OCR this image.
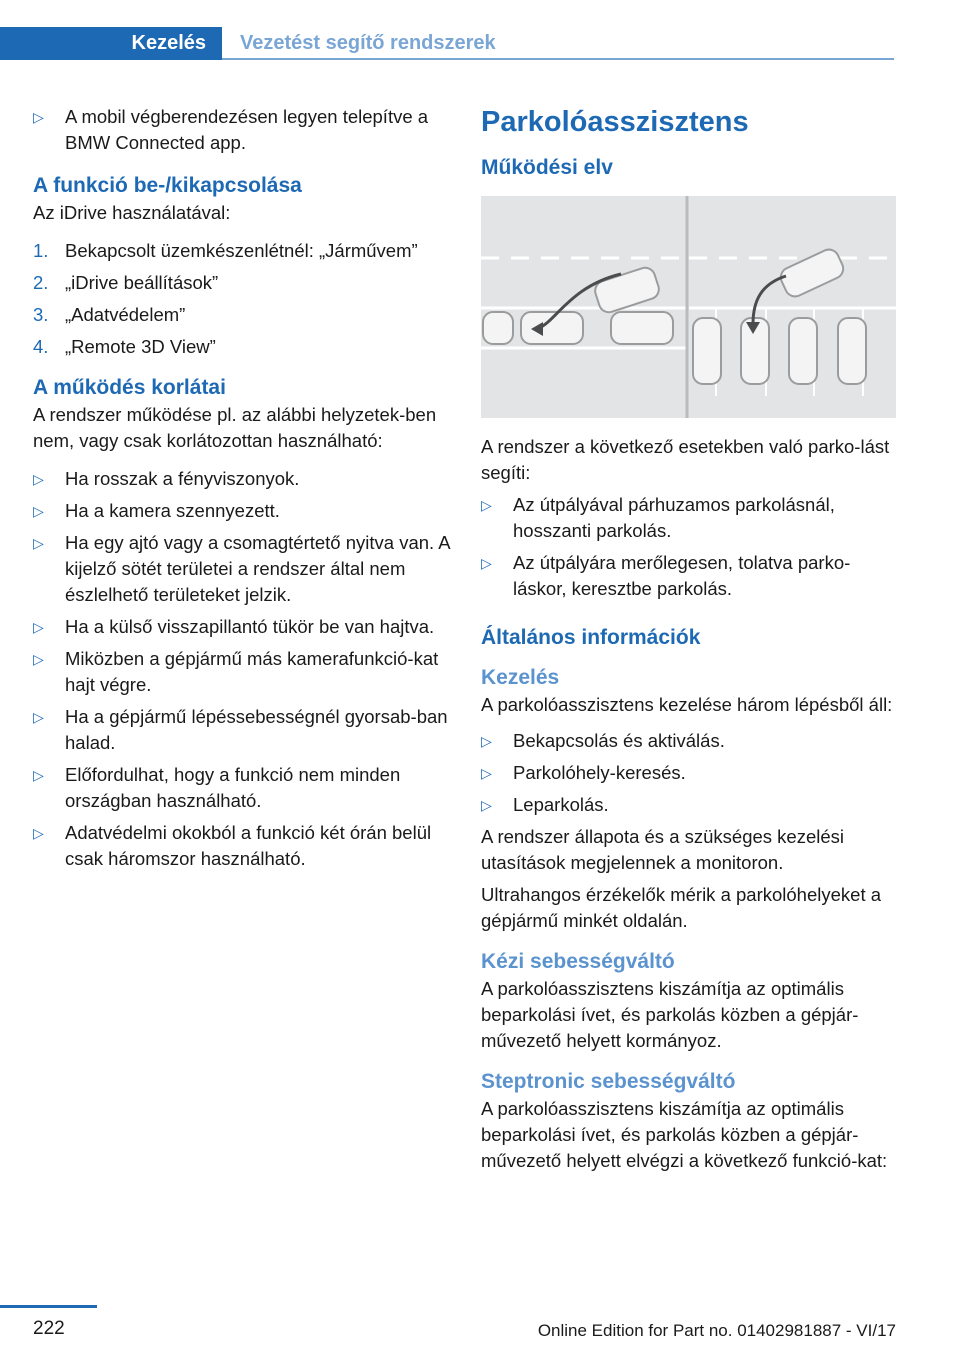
Kezelés	Vezetést segítő rendszerek
▷ A mobil végberendezésen legyen telepítve a BMW Connected app.
A funkció be-/kikapcsolása
Az iDrive használatával:
1. Bekapcsolt üzemkészenlétnél: „Járművem”
2. „iDrive beállítások”
3. „Adatvédelem”
4. „Remote 3D View”
A működés korlátai
A rendszer működése pl. az alábbi helyzetek-ben nem, vagy csak korlátozottan használható:
▷ Ha rosszak a fényviszonyok.
▷ Ha a kamera szennyezett.
▷ Ha egy ajtó vagy a csomagtértető nyitva van. A kijelző sötét területei a rendszer által nem észlelhető területeket jelzik.
▷ Ha a külső visszapillantó tükör be van hajtva.
▷ Miközben a gépjármű más kamerafunkció-kat hajt végre.
▷ Ha a gépjármű lépéssebességnél gyorsab-ban halad.
▷ Előfordulhat, hogy a funkció nem minden országban használható.
▷ Adatvédelmi okokból a funkció két órán belül csak háromszor használható.
Parkolóasszisztens
Működési elv
A rendszer a következő esetekben való parko-lást segíti:
▷ Az útpályával párhuzamos parkolásnál, hosszanti parkolás.
▷ Az útpályára merőlegesen, tolatva parko-láskor, keresztbe parkolás.
Általános információk
Kezelés
A parkolóasszisztens kezelése három lépésből áll:
▷ Bekapcsolás és aktiválás.
▷ Parkolóhely-keresés.
▷ Leparkolás.
A rendszer állapota és a szükséges kezelési utasítások megjelennek a monitoron.
Ultrahangos érzékelők mérik a parkolóhelyeket a gépjármű minkét oldalán.
Kézi sebességváltó
A parkolóasszisztens kiszámítja az optimális beparkolási ívet, és parkolás közben a gépjár-művezető helyett kormányoz.
Steptronic sebességváltó
A parkolóasszisztens kiszámítja az optimális beparkolási ívet, és parkolás közben a gépjár-művezető helyett elvégzi a következő funkció-kat:
222	Online Edition for Part no. 01402981887 - VI/17
